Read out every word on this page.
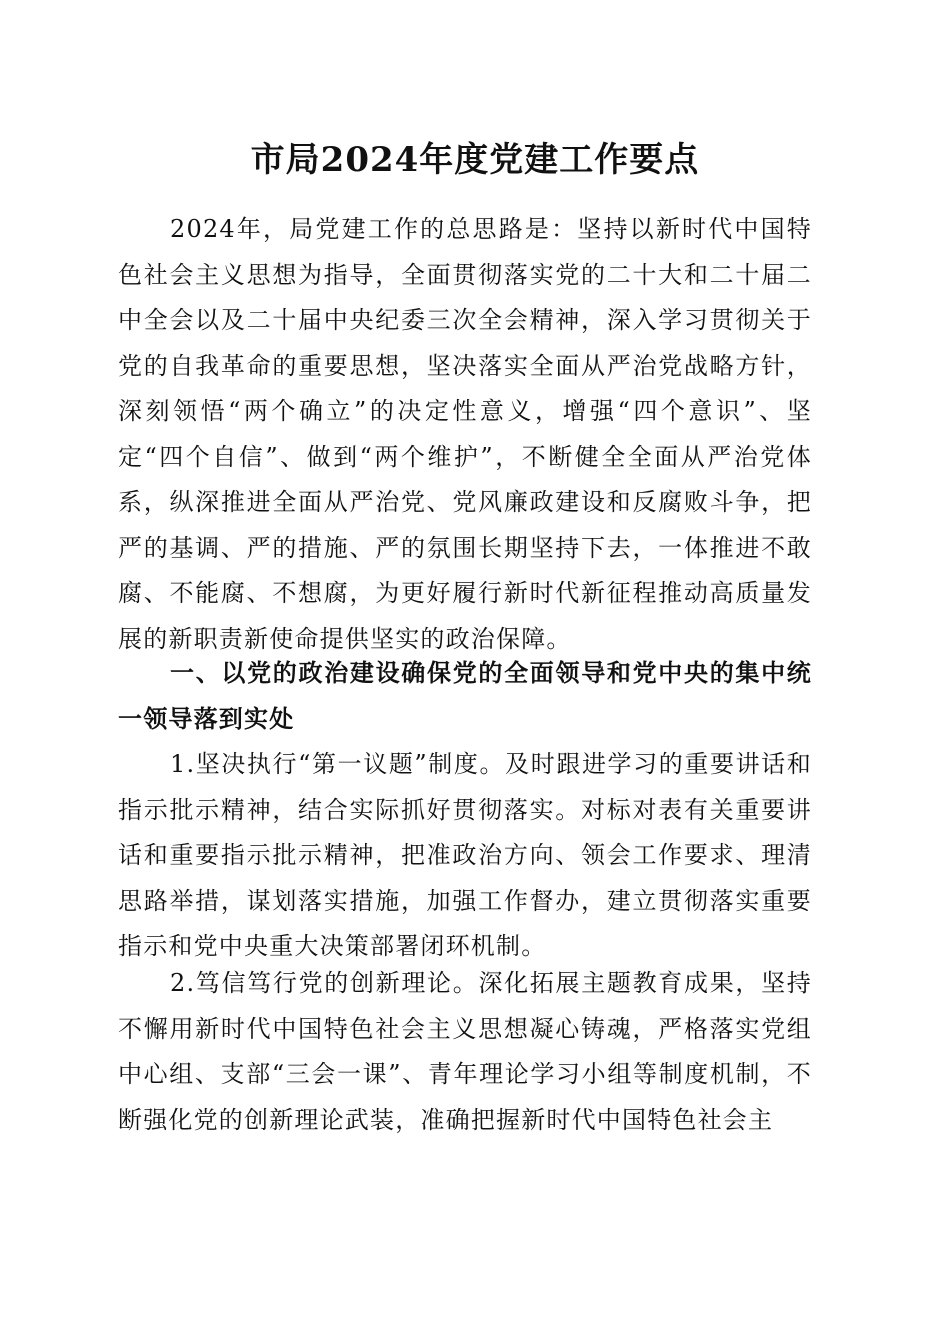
市局2024年度党建工作要点

2024年，局党建工作的总思路是：坚持以新时代中国特色社会主义思想为指导，全面贯彻落实党的二十大和二十届二中全会以及二十届中央纪委三次全会精神，深入学习贯彻关于党的自我革命的重要思想，坚决落实全面从严治党战略方针，深刻领悟“两个确立”的决定性意义，增强“四个意识”、坚定“四个自信”、做到“两个维护”，不断健全全面从严治党体系，纵深推进全面从严治党、党风廉政建设和反腐败斗争，把严的基调、严的措施、严的氛围长期坚持下去，一体推进不敢腐、不能腐、不想腐，为更好履行新时代新征程推动高质量发展的新职责新使命提供坚实的政治保障。

一、以党的政治建设确保党的全面领导和党中央的集中统一领导落到实处

1.坚决执行“第一议题”制度。及时跟进学习的重要讲话和指示批示精神，结合实际抓好贯彻落实。对标对表有关重要讲话和重要指示批示精神，把准政治方向、领会工作要求、理清思路举措，谋划落实措施，加强工作督办，建立贯彻落实重要指示和党中央重大决策部署闭环机制。

2.笃信笃行党的创新理论。深化拓展主题教育成果，坚持不懈用新时代中国特色社会主义思想凝心铸魂，严格落实党组中心组、支部“三会一课”、青年理论学习小组等制度机制，不断强化党的创新理论武装，准确把握新时代中国特色社会主
